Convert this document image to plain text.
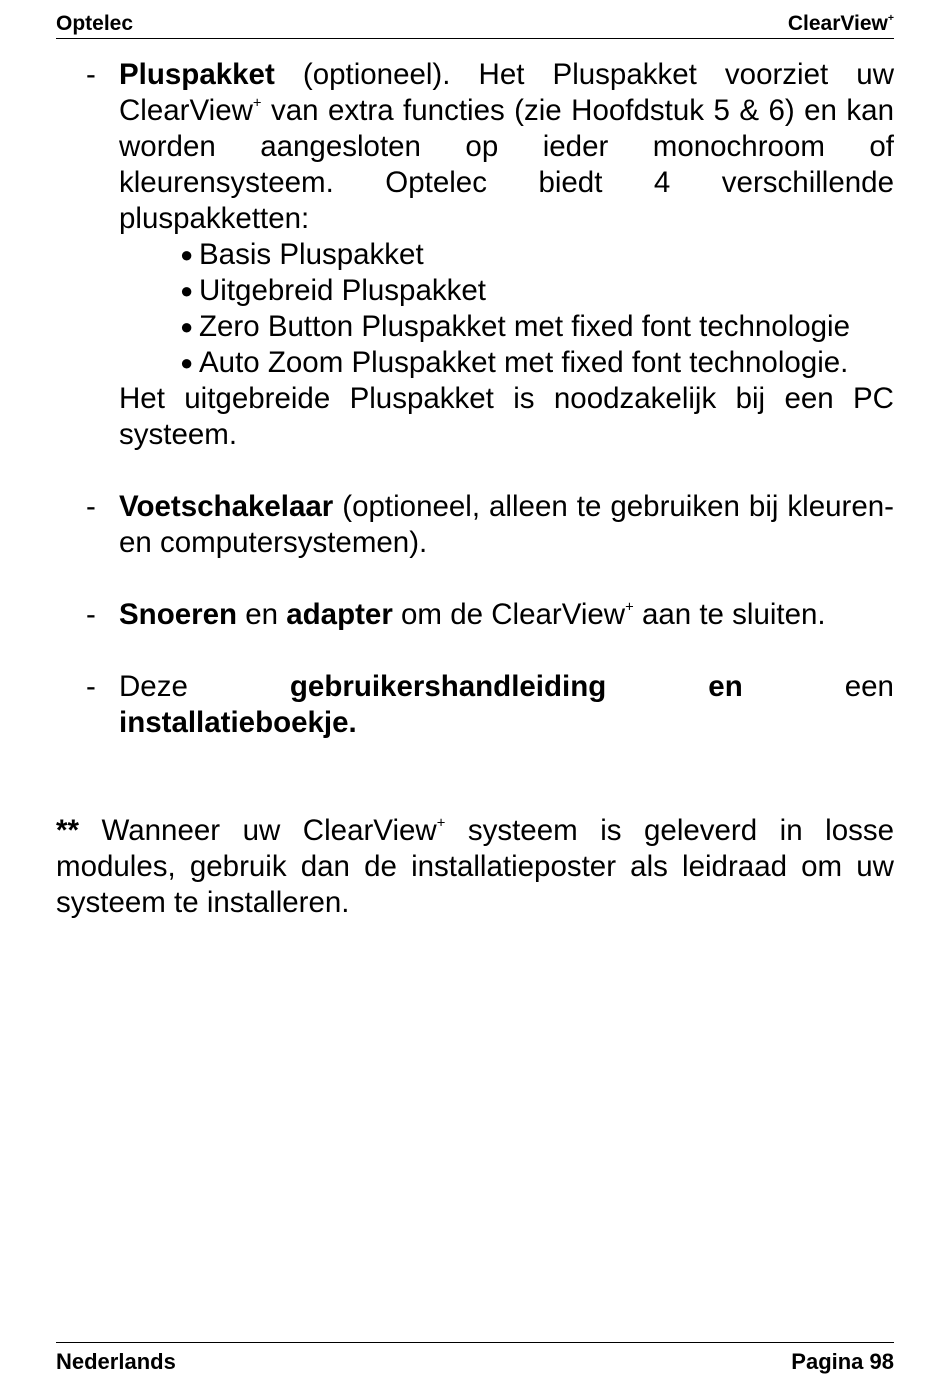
Optelec	ClearView+
- Pluspakket (optioneel). Het Pluspakket voorziet uw ClearView+ van extra functies (zie Hoofdstuk 5 & 6) en kan worden aangesloten op ieder monochroom of kleurensysteem. Optelec biedt 4 verschillende pluspakketten:
● Basis Pluspakket
● Uitgebreid Pluspakket
● Zero Button Pluspakket met fixed font technologie
● Auto Zoom Pluspakket met fixed font technologie.
Het uitgebreide Pluspakket is noodzakelijk bij een PC systeem.
- Voetschakelaar (optioneel, alleen te gebruiken bij kleuren- en computersystemen).
- Snoeren en adapter om de ClearView+ aan te sluiten.
- Deze	gebruikershandleiding	en	een
installatieboekje.
** Wanneer uw ClearView+ systeem is geleverd in losse modules, gebruik dan de installatieposter als leidraad om uw systeem te installeren.
Nederlands	Pagina 98
